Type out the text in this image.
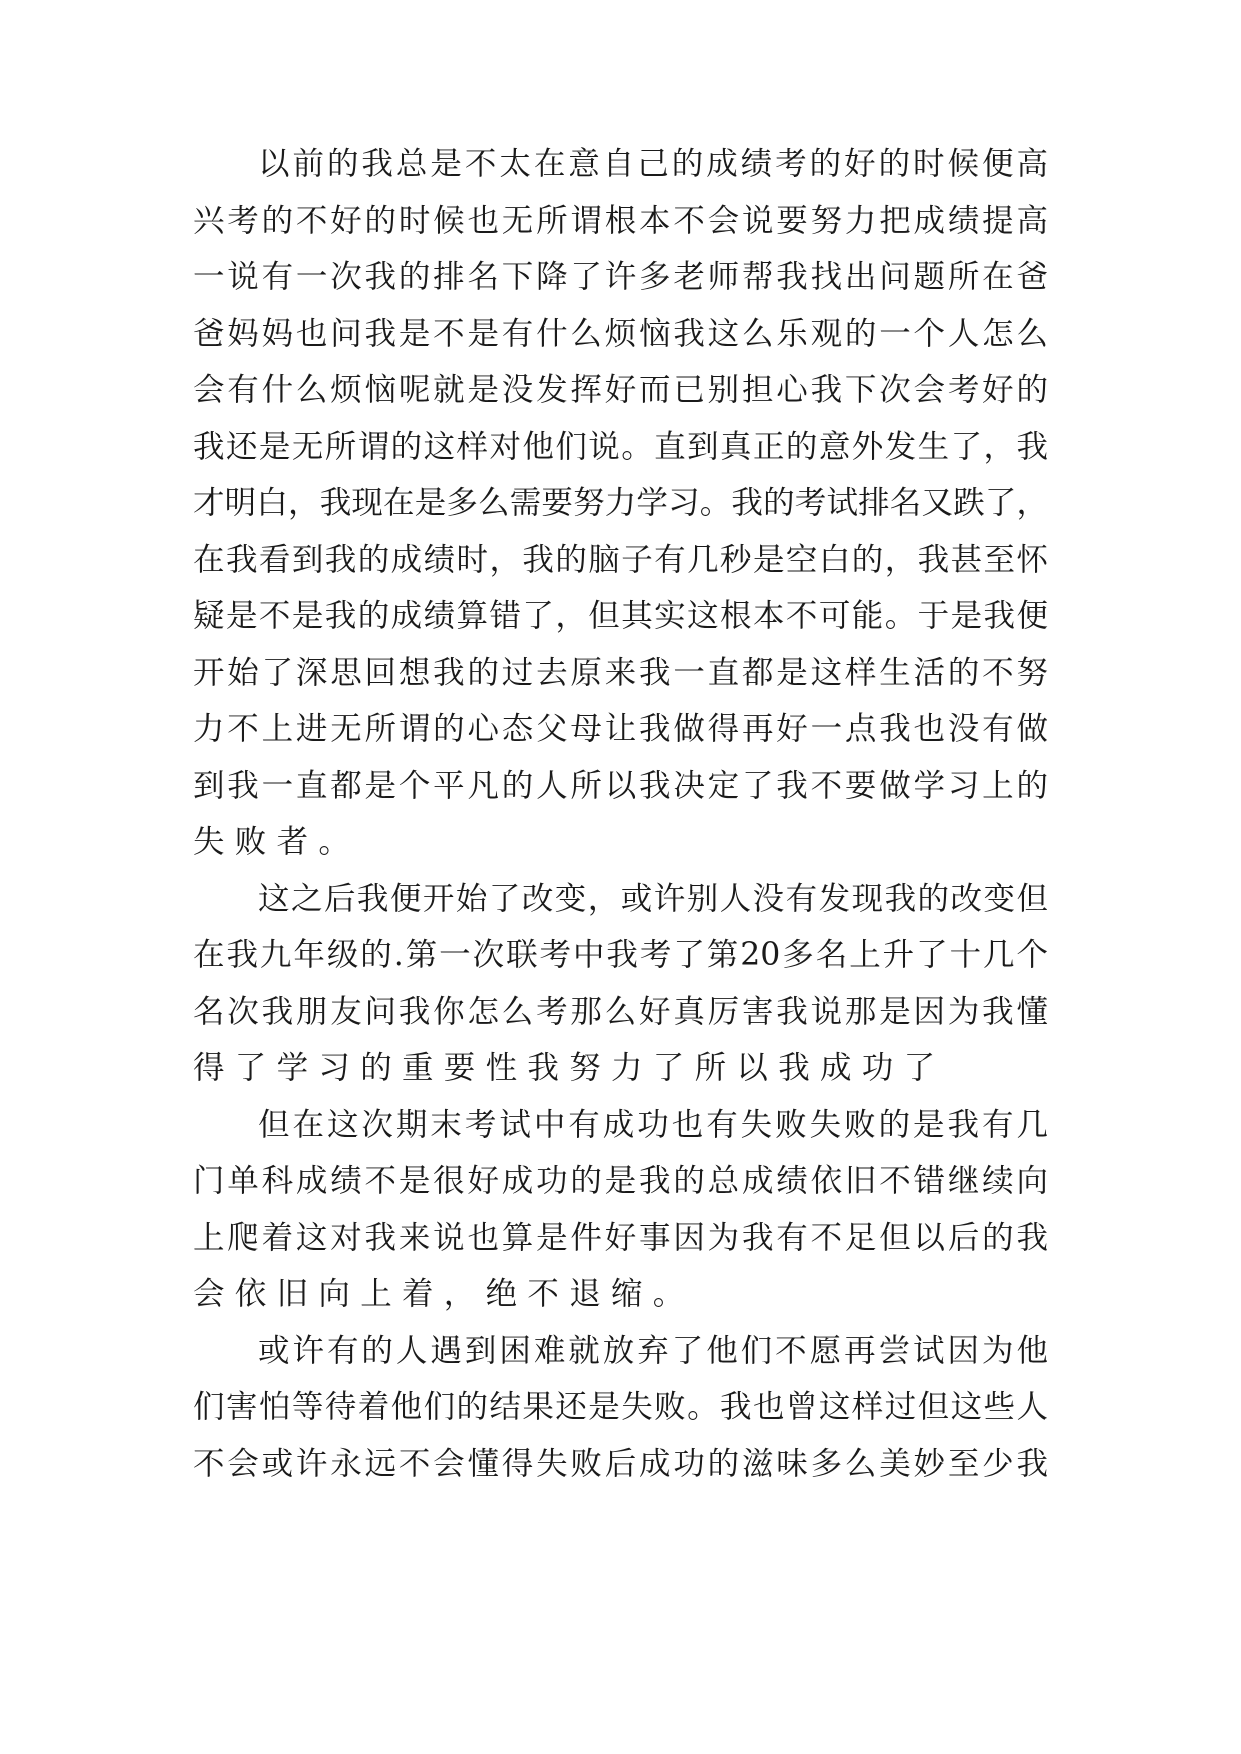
以前的我总是不太在意自己的成绩考的好的时候便高
兴考的不好的时候也无所谓根本不会说要努力把成绩提高
一说有一次我的排名下降了许多老师帮我找出问题所在爸
爸妈妈也问我是不是有什么烦恼我这么乐观的一个人怎么
会有什么烦恼呢就是没发挥好而已别担心我下次会考好的
我还是无所谓的这样对他们说。直到真正的意外发生了，我
才明白，我现在是多么需要努力学习。我的考试排名又跌了，
在我看到我的成绩时，我的脑子有几秒是空白的，我甚至怀
疑是不是我的成绩算错了，但其实这根本不可能。于是我便
开始了深思回想我的过去原来我一直都是这样生活的不努
力不上进无所谓的心态父母让我做得再好一点我也没有做
到我一直都是个平凡的人所以我决定了我不要做学习上的
失败者。
这之后我便开始了改变，或许别人没有发现我的改变但
在我九年级的.第一次联考中我考了第20多名上升了十几个
名次我朋友问我你怎么考那么好真厉害我说那是因为我懂
得了学习的重要性我努力了所以我成功了
但在这次期末考试中有成功也有失败失败的是我有几
门单科成绩不是很好成功的是我的总成绩依旧不错继续向
上爬着这对我来说也算是件好事因为我有不足但以后的我
会依旧向上着，绝不退缩。
或许有的人遇到困难就放弃了他们不愿再尝试因为他
们害怕等待着他们的结果还是失败。我也曾这样过但这些人
不会或许永远不会懂得失败后成功的滋味多么美妙至少我
